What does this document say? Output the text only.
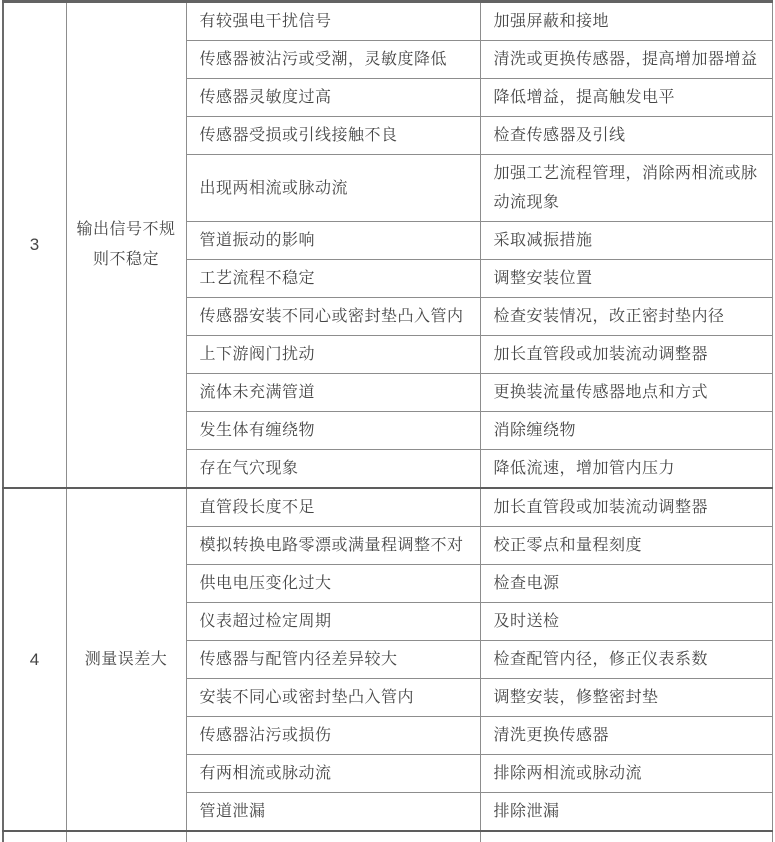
3	输出信号不规则不稳定	有较强电干扰信号	加强屏蔽和接地
		传感器被沾污或受潮，灵敏度降低	清洗或更换传感器，提高增加器增益
		传感器灵敏度过高	降低增益，提高触发电平
		传感器受损或引线接触不良	检查传感器及引线
		出现两相流或脉动流	加强工艺流程管理，消除两相流或脉动流现象
		管道振动的影响	采取减振措施
		工艺流程不稳定	调整安装位置
		传感器安装不同心或密封垫凸入管内	检查安装情况，改正密封垫内径
		上下游阀门扰动	加长直管段或加装流动调整器
		流体未充满管道	更换装流量传感器地点和方式
		发生体有缠绕物	消除缠绕物
		存在气穴现象	降低流速，增加管内压力
4	测量误差大	直管段长度不足	加长直管段或加装流动调整器
		模拟转换电路零漂或满量程调整不对	校正零点和量程刻度
		供电电压变化过大	检查电源
		仪表超过检定周期	及时送检
		传感器与配管内径差异较大	检查配管内径，修正仪表系数
		安装不同心或密封垫凸入管内	调整安装，修整密封垫
		传感器沾污或损伤	清洗更换传感器
		有两相流或脉动流	排除两相流或脉动流
		管道泄漏	排除泄漏
